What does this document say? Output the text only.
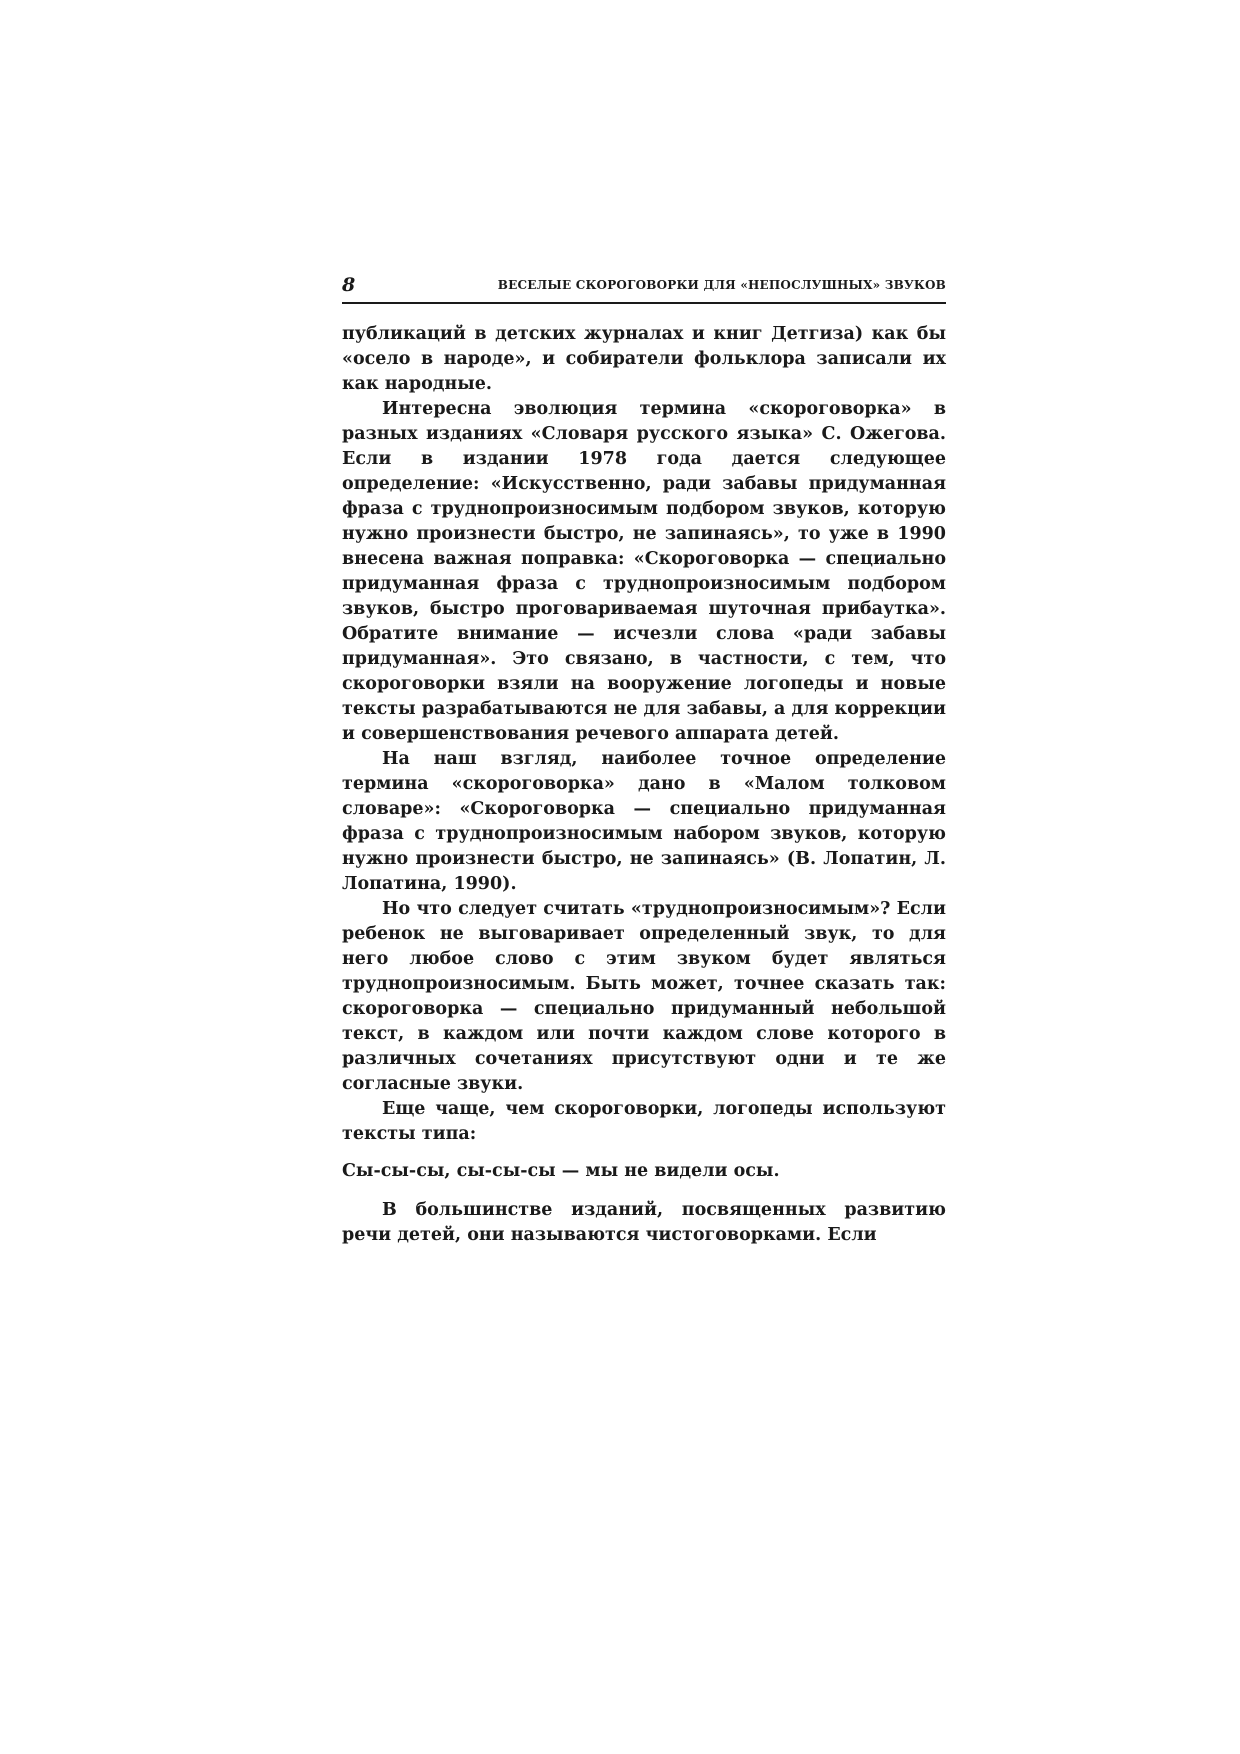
8	ВЕСЕЛЫЕ СКОРОГОВОРКИ ДЛЯ «НЕПОСЛУШНЫХ» ЗВУКОВ

публикаций в детских журналах и книг Детгиза) как бы «осело в народе», и собиратели фольклора записали их как народные.

Интересна эволюция термина «скороговорка» в разных изданиях «Словаря русского языка» С. Ожегова. Если в издании 1978 года дается следующее определение: «Искусственно, ради забавы придуманная фраза с труднопроизносимым подбором звуков, которую нужно произнести быстро, не запинаясь», то уже в 1990 внесена важная поправка: «Скороговорка — специально придуманная фраза с труднопроизносимым подбором звуков, быстро проговариваемая шуточная прибаутка». Обратите внимание — исчезли слова «ради забавы придуманная». Это связано, в частности, с тем, что скороговорки взяли на вооружение логопеды и новые тексты разрабатываются не для забавы, а для коррекции и совершенствования речевого аппарата детей.

На наш взгляд, наиболее точное определение термина «скороговорка» дано в «Малом толковом словаре»: «Скороговорка — специально придуманная фраза с труднопроизносимым набором звуков, которую нужно произнести быстро, не запинаясь» (В. Лопатин, Л. Лопатина, 1990).

Но что следует считать «труднопроизносимым»? Если ребенок не выговаривает определенный звук, то для него любое слово с этим звуком будет являться труднопроизносимым. Быть может, точнее сказать так: скороговорка — специально придуманный небольшой текст, в каждом или почти каждом слове которого в различных сочетаниях присутствуют одни и те же согласные звуки.

Еще чаще, чем скороговорки, логопеды используют тексты типа:

Сы-сы-сы, сы-сы-сы — мы не видели осы.

В большинстве изданий, посвященных развитию речи детей, они называются чистоговорками. Если
